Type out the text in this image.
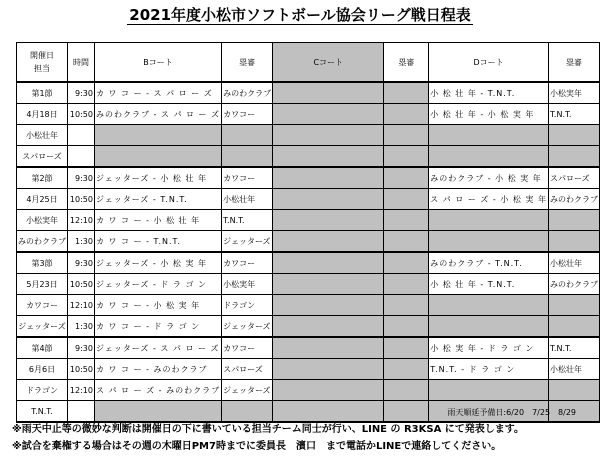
2021年度小松市ソフトボール協会リーグ戦日程表
開催日
担当	時間	Bコート	塁審	Cコート	塁審	Dコート	塁審
第1節	9:30	カ ワ コ ー ‐ ス パ ロ ー ズ	みのわクラブ			小 松 壮 年 ‐ T.N.T.	小松実年
4月18日	10:50	みのわクラブ ‐ ス パ ロ ー ズ	カワコー			小 松 壮 年 ‐ 小 松 実 年	T.N.T.
小松壮年							
スパローズ							
第2節	9:30	ジェッターズ ‐ 小 松 壮 年	カワコー			みのわクラブ ‐ 小 松 実 年	スパローズ
4月25日	10:50	ジェッターズ ‐ T.N.T.	小松壮年			ス パ ロ ー ズ ‐ 小 松 実 年	みのわクラブ
小松実年	12:10	カ ワ コ ー ‐ 小 松 壮 年	T.N.T.				
みのわクラブ	1:30	カ ワ コ ー ‐ T.N.T.	ジェッターズ				
第3節	9:30	ジェッターズ ‐ 小 松 実 年	カワコー			みのわクラブ ‐ T.N.T.	小松壮年
5月23日	10:50	ジェッターズ ‐ ド ラ ゴ ン	小松実年			小 松 壮 年 ‐ T.N.T.	みのわクラブ
カワコー	12:10	カ ワ コ ー ‐ 小 松 実 年	ドラゴン				
ジェッターズ	1:30	カ ワ コ ー ‐ ド ラ ゴ ン	ジェッターズ				
第4節	9:30	ジェッターズ ‐ ス パ ロ ー ズ	カワコー			小 松 実 年 ‐ ド ラ ゴ ン	T.N.T.
6月6日	10:50	カ ワ コ ー ‐ みのわクラブ	スパローズ			T.N.T. ‐ ド ラ ゴ ン	小松壮年
ドラゴン	12:10	ス パ ロ ー ズ ‐ みのわクラブ	ジェッターズ				
T.N.T.								雨天順延予備日:6/20　7/25　8/29
※雨天中止等の微妙な判断は開催日の下に書いている担当チーム同士が行い、LINE の R3KSA にて発表します。
※試合を棄権する場合はその週の木曜日PM7時までに委員長　濱口　まで電話かLINEで連絡してください。
